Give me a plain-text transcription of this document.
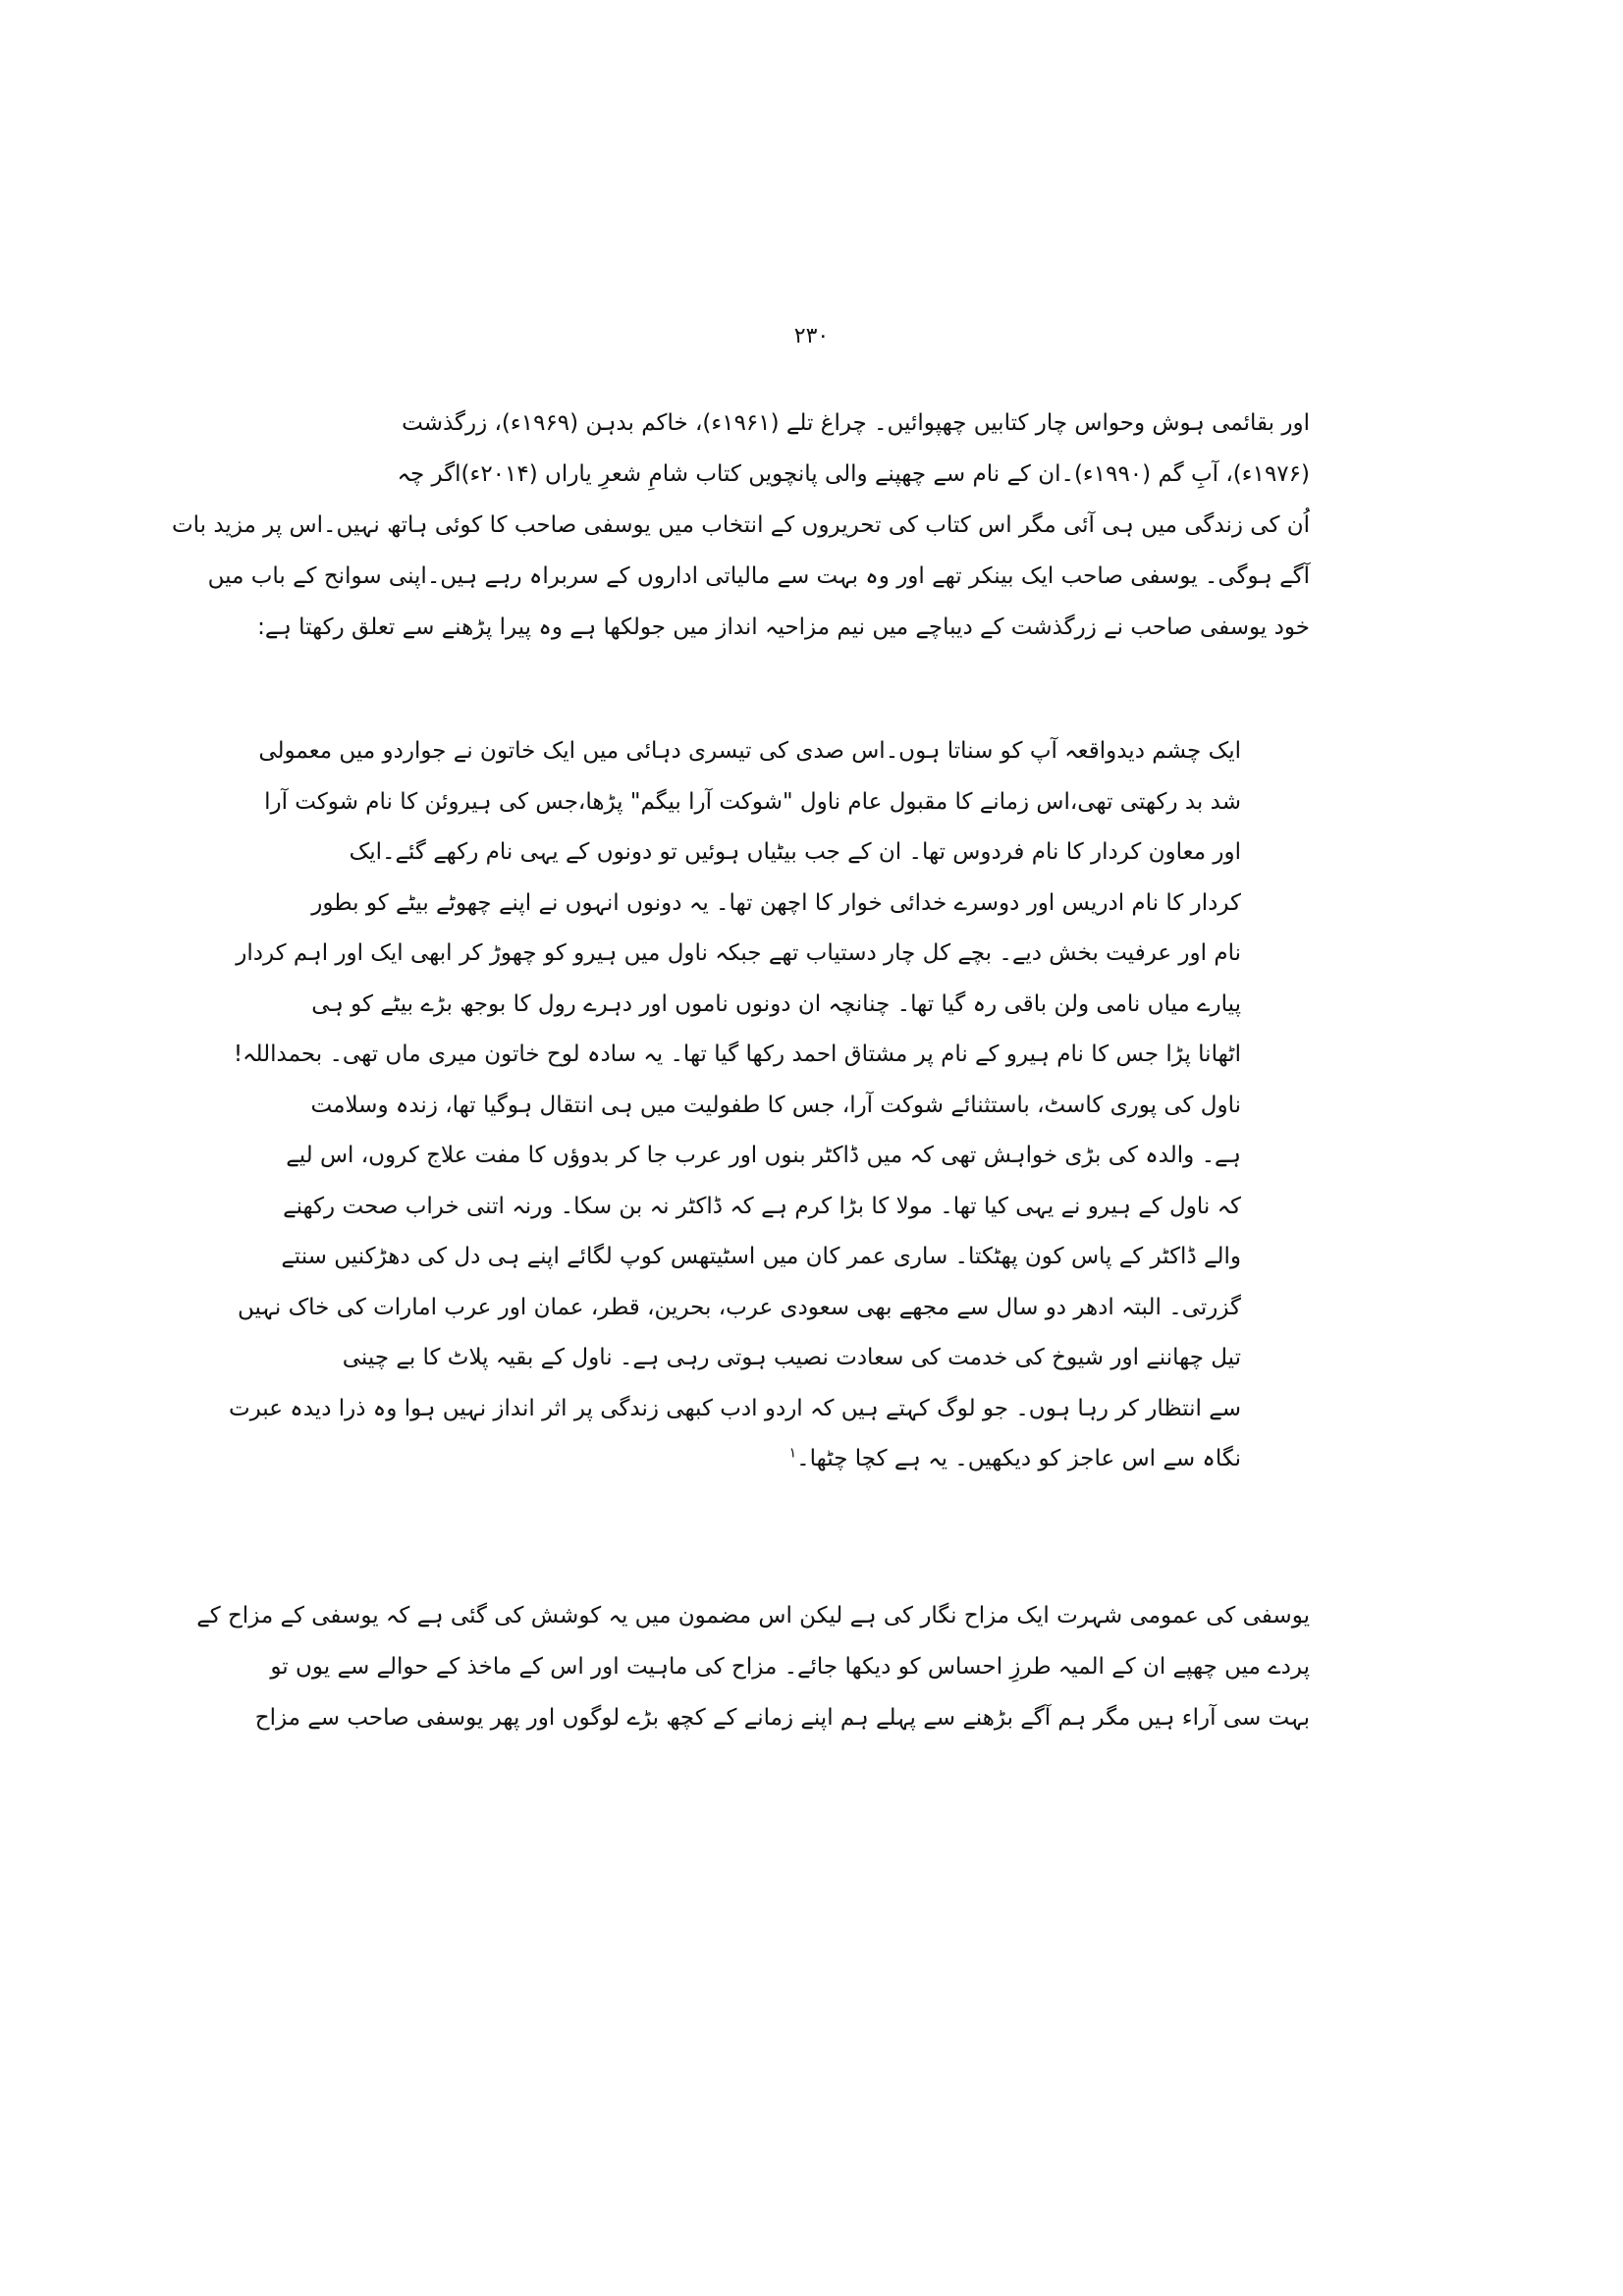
۲۳۰
اور بقائمی ہوش وحواس چار کتابیں چھپوائیں۔ چراغ تلے (۱۹۶۱ء)، خاکم بدہن (۱۹۶۹ء)، زرگذشت
(۱۹۷۶ء)، آبِ گم (۱۹۹۰ء)۔ان کے نام سے چھپنے والی پانچویں کتاب شامِ شعرِ یاراں (۲۰۱۴ء)اگر چہ
اُن کی زندگی میں ہی آئی مگر اس کتاب کی تحریروں کے انتخاب میں یوسفی صاحب کا کوئی ہاتھ نہیں۔اس پر مزید بات
آگے ہوگی۔ یوسفی صاحب ایک بینکر تھے اور وہ بہت سے مالیاتی اداروں کے سربراہ رہے ہیں۔اپنی سوانح کے باب میں
خود یوسفی صاحب نے زرگذشت کے دیباچے میں نیم مزاحیہ انداز میں جولکھا ہے وہ پیرا پڑھنے سے تعلق رکھتا ہے:
ایک چشم دیدواقعہ آپ کو سناتا ہوں۔اس صدی کی تیسری دہائی میں ایک خاتون نے جواردو میں معمولی
شد بد رکھتی تھی،اس زمانے کا مقبول عام ناول "شوکت آرا بیگم" پڑھا،جس کی ہیروئن کا نام شوکت آرا
اور معاون کردار کا نام فردوس تھا۔ ان کے جب بیٹیاں ہوئیں تو دونوں کے یہی نام رکھے گئے۔ایک
کردار کا نام ادریس اور دوسرے خدائی خوار کا اچھن تھا۔ یہ دونوں انہوں نے اپنے چھوٹے بیٹے کو بطور
نام اور عرفیت بخش دیے۔ بچے کل چار دستیاب تھے جبکہ ناول میں ہیرو کو چھوڑ کر ابھی ایک اور اہم کردار
پیارے میاں نامی ولن باقی رہ گیا تھا۔ چنانچہ ان دونوں ناموں اور دہرے رول کا بوجھ بڑے بیٹے کو ہی
اٹھانا پڑا جس کا نام ہیرو کے نام پر مشتاق احمد رکھا گیا تھا۔ یہ سادہ لوح خاتون میری ماں تھی۔ بحمداللہ!
ناول کی پوری کاسٹ، باستثنائے شوکت آرا، جس کا طفولیت میں ہی انتقال ہوگیا تھا، زندہ وسلامت
ہے۔ والدہ کی بڑی خواہش تھی کہ میں ڈاکٹر بنوں اور عرب جا کر بدوؤں کا مفت علاج کروں، اس لیے
کہ ناول کے ہیرو نے یہی کیا تھا۔ مولا کا بڑا کرم ہے کہ ڈاکٹر نہ بن سکا۔ ورنہ اتنی خراب صحت رکھنے
والے ڈاکٹر کے پاس کون پھٹکتا۔ ساری عمر کان میں اسٹیتھس کوپ لگائے اپنے ہی دل کی دھڑکنیں سنتے
گزرتی۔ البتہ ادھر دو سال سے مجھے بھی سعودی عرب، بحرین، قطر، عمان اور عرب امارات کی خاک نہیں
تیل چھاننے اور شیوخ کی خدمت کی سعادت نصیب ہوتی رہی ہے۔ ناول کے بقیہ پلاٹ کا بے چینی
سے انتظار کر رہا ہوں۔ جو لوگ کہتے ہیں کہ اردو ادب کبھی زندگی پر اثر انداز نہیں ہوا وہ ذرا دیدہ عبرت
نگاہ سے اس عاجز کو دیکھیں۔ یہ ہے کچا چٹھا۔$^۱$
یوسفی کی عمومی شہرت ایک مزاح نگار کی ہے لیکن اس مضمون میں یہ کوشش کی گئی ہے کہ یوسفی کے مزاح کے
پردے میں چھپے ان کے المیہ طرزِ احساس کو دیکھا جائے۔ مزاح کی ماہیت اور اس کے ماخذ کے حوالے سے یوں تو
بہت سی آراء ہیں مگر ہم آگے بڑھنے سے پہلے ہم اپنے زمانے کے کچھ بڑے لوگوں اور پھر یوسفی صاحب سے مزاح
